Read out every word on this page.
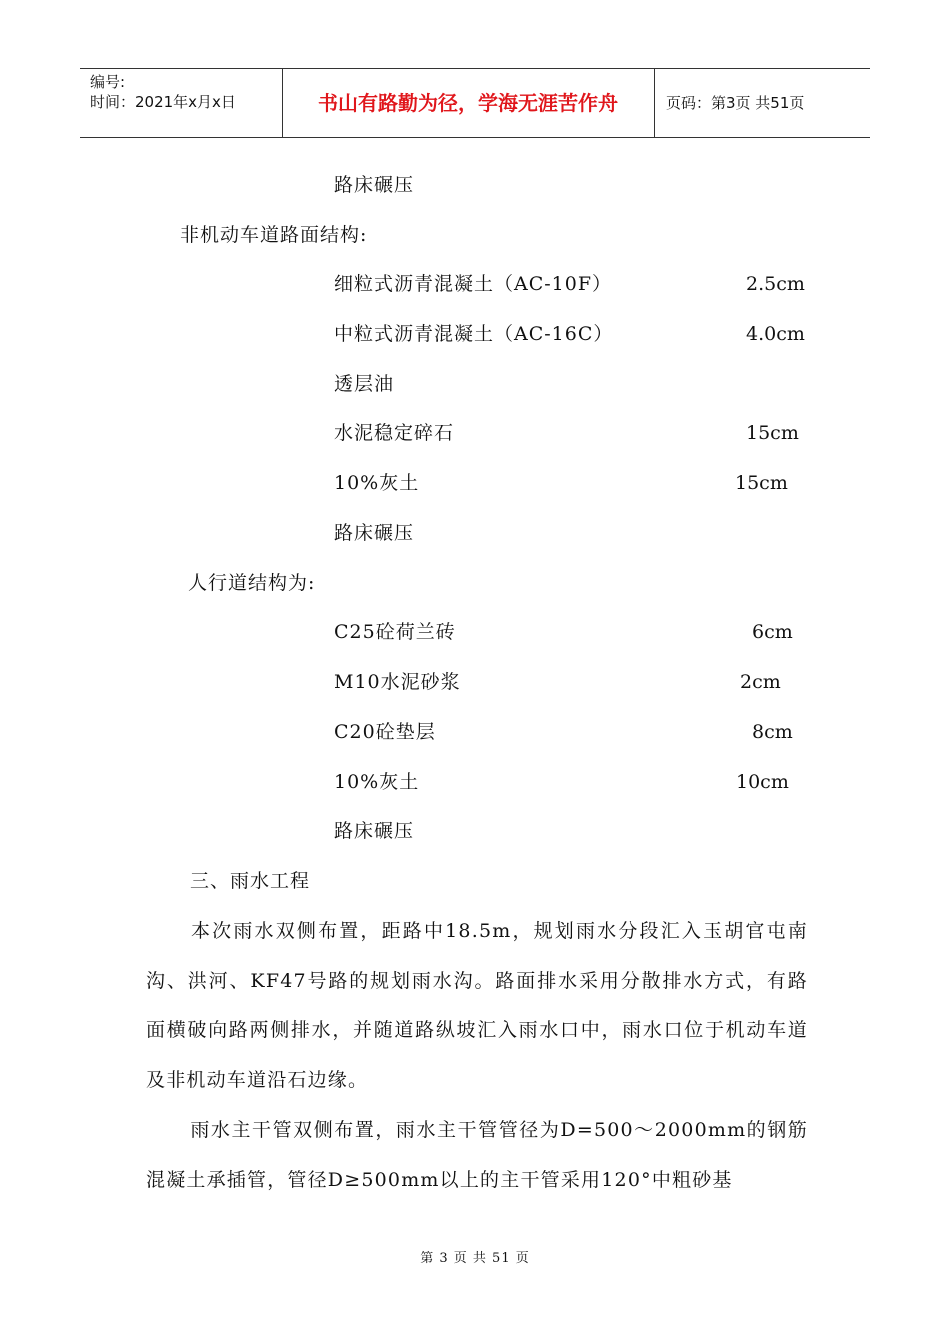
编号:
时间：2021年x月x日	书山有路勤为径，学海无涯苦作舟	页码：第3页 共51页
路床碾压
非机动车道路面结构:
细粒式沥青混凝土（AC-10F）	2.5cm
中粒式沥青混凝土（AC-16C）	4.0cm
透层油
水泥稳定碎石	15cm
10%灰土	15cm
路床碾压
人行道结构为:
C25砼荷兰砖	6cm
M10水泥砂浆	2cm
C20砼垫层	8cm
10%灰土	10cm
路床碾压
三、雨水工程
本次雨水双侧布置，距路中18.5m，规划雨水分段汇入玉胡官屯南沟、洪河、KF47号路的规划雨水沟。路面排水采用分散排水方式，有路面横破向路两侧排水，并随道路纵坡汇入雨水口中，雨水口位于机动车道及非机动车道沿石边缘。
雨水主干管双侧布置，雨水主干管管径为D=500～2000mm的钢筋混凝土承插管，管径D≥500mm以上的主干管采用120°中粗砂基
第 3 页 共 51 页
